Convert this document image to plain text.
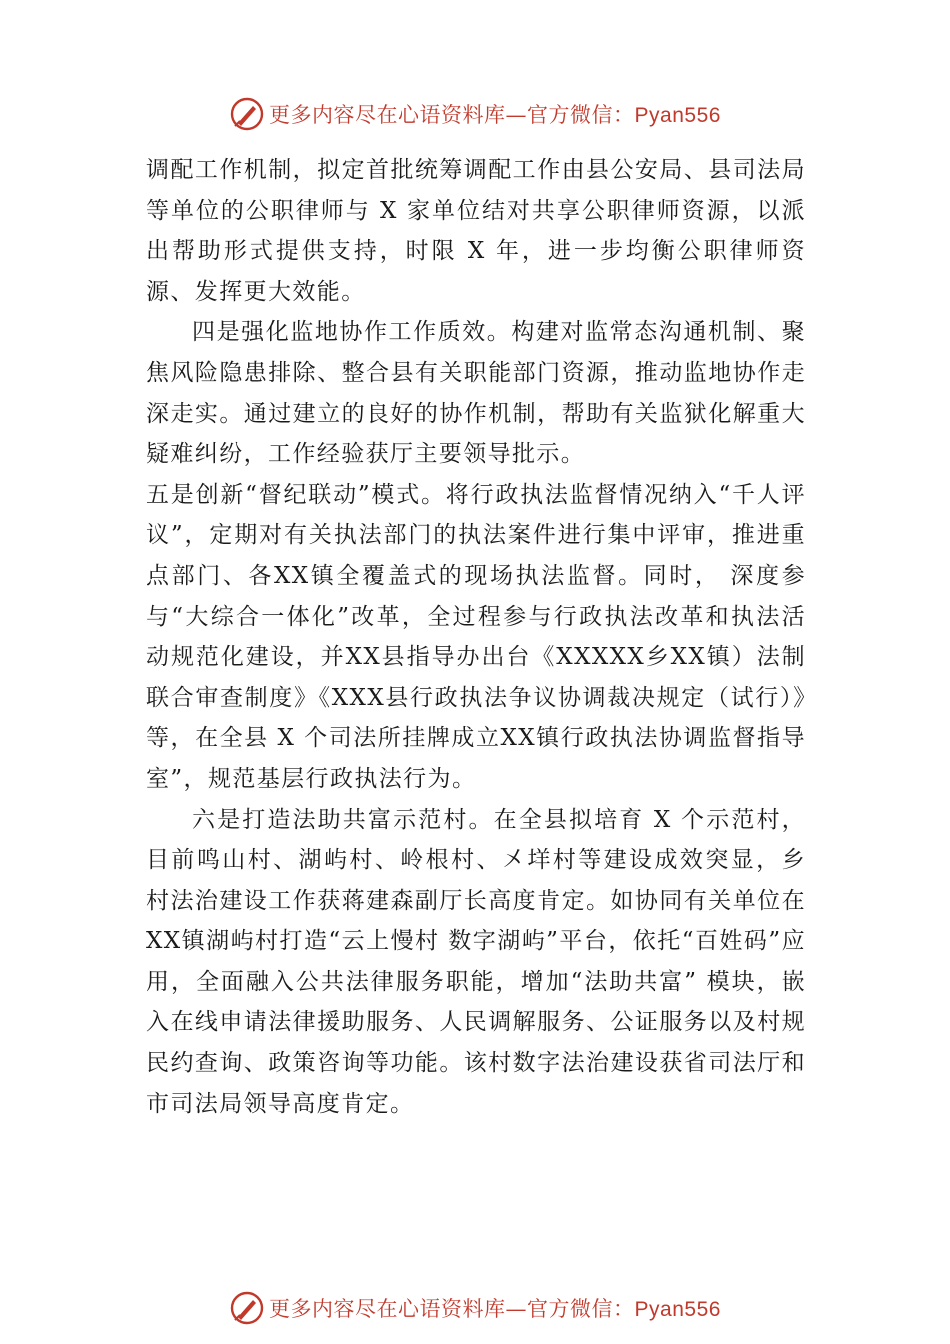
更多内容尽在心语资料库—官方微信：Pyan556

调配工作机制，拟定首批统筹调配工作由县公安局、县司法局等单位的公职律师与 X 家单位结对共享公职律师资源，以派出帮助形式提供支持，时限 X 年，进一步均衡公职律师资源、发挥更大效能。

四是强化监地协作工作质效。构建对监常态沟通机制、聚焦风险隐患排除、整合县有关职能部门资源，推动监地协作走深走实。通过建立的良好的协作机制，帮助有关监狱化解重大疑难纠纷，工作经验获厅主要领导批示。

五是创新“督纪联动”模式。将行政执法监督情况纳入“千人评议”，定期对有关执法部门的执法案件进行集中评审，推进重点部门、各XX镇全覆盖式的现场执法监督。同时， 深度参与“大综合一体化”改革，全过程参与行政执法改革和执法活动规范化建设，并XX县指导办出台《XXXXX乡XX镇）法制联合审查制度》《XXX县行政执法争议协调裁决规定（试行）》等，在全县 X 个司法所挂牌成立XX镇行政执法协调监督指导室”，规范基层行政执法行为。

六是打造法助共富示范村。在全县拟培育 X 个示范村，目前鸣山村、湖屿村、岭根村、㐅垟村等建设成效突显，乡 村法治建设工作获蒋建森副厅长高度肯定。如协同有关单位在XX镇湖屿村打造“云上慢村 数字湖屿”平台，依托“百姓码”应用，全面融入公共法律服务职能，增加“法助共富” 模块，嵌入在线申请法律援助服务、人民调解服务、公证服务以及村规民约查询、政策咨询等功能。该村数字法治建设获省司法厅和市司法局领导高度肯定。

更多内容尽在心语资料库—官方微信：Pyan556
